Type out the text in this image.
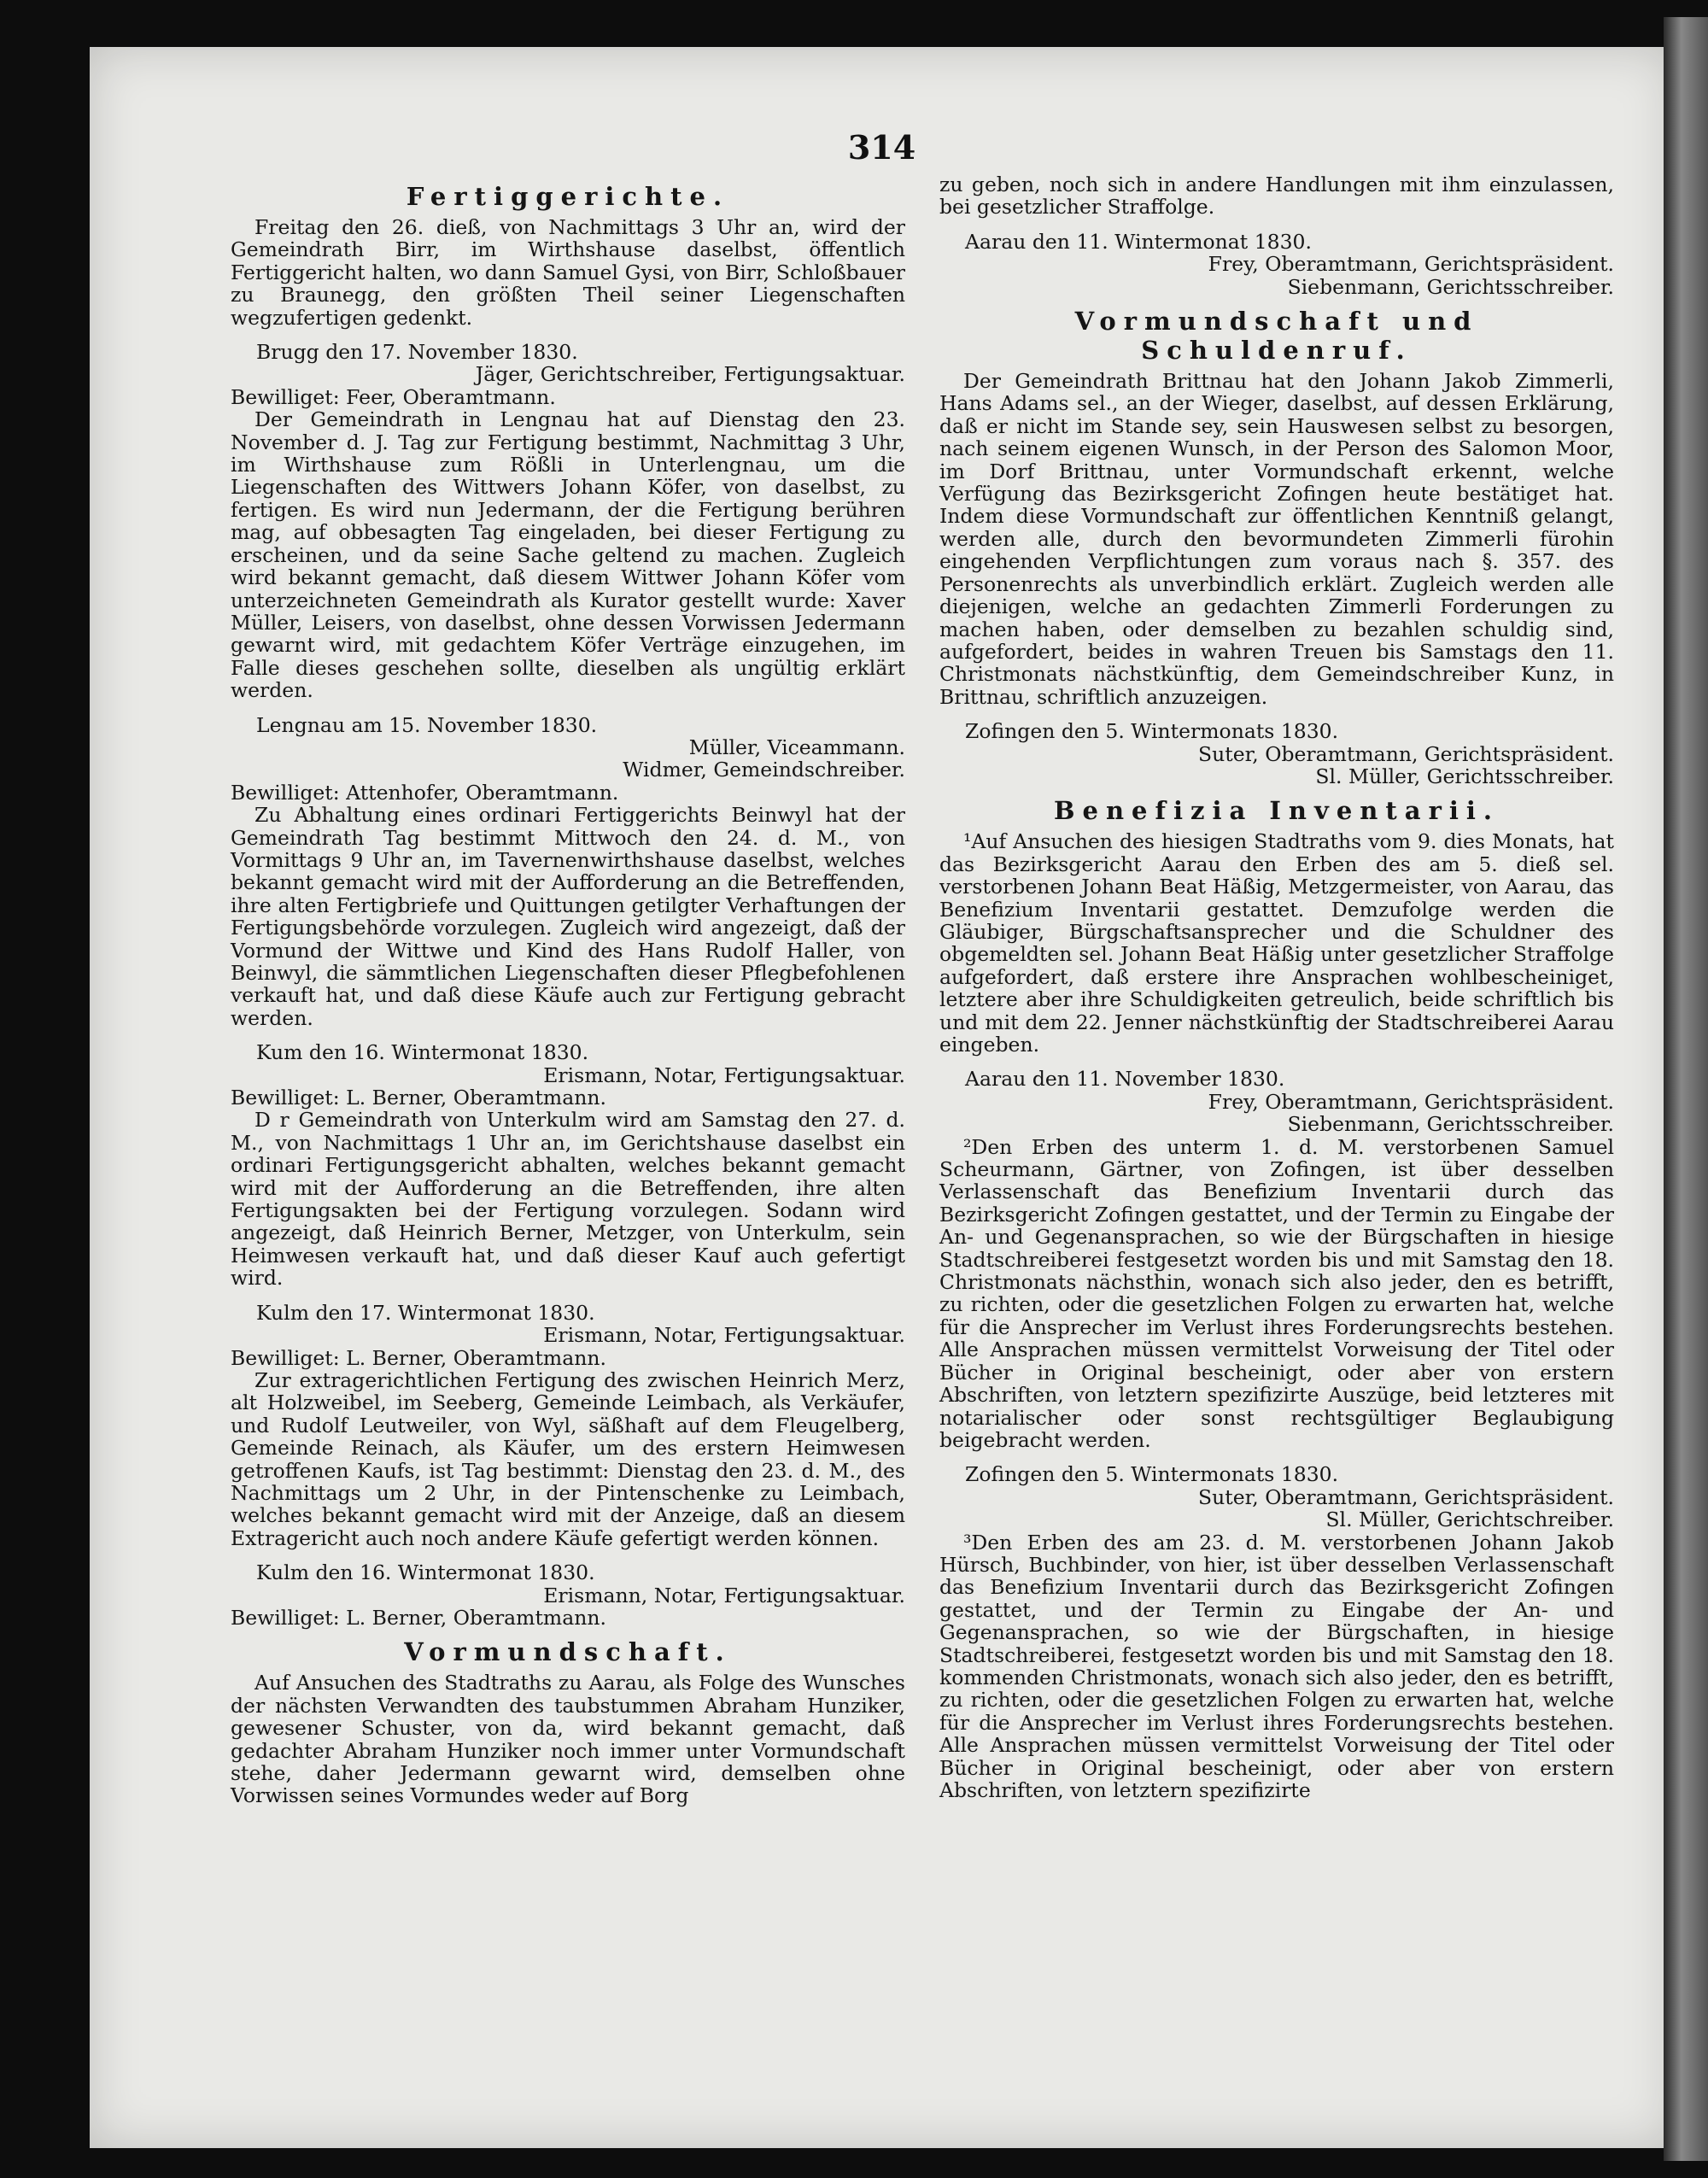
314

Fertiggerichte.

Freitag den 26. dieß, von Nachmittags 3 Uhr an, wird der Gemeindrath Birr, im Wirthshause daselbst, öffentlich Fertiggericht halten, wo dann Samuel Gysi, von Birr, Schloßbauer zu Braunegg, den größten Theil seiner Liegenschaften wegzufertigen gedenkt.

Brugg den 17. November 1830.

Jäger, Gerichtschreiber, Fertigungsaktuar.

Bewilliget: Feer, Oberamtmann.

Der Gemeindrath in Lengnau hat auf Dienstag den 23. November d. J. Tag zur Fertigung bestimmt, Nachmittag 3 Uhr, im Wirthshause zum Rößli in Unterlengnau, um die Liegenschaften des Wittwers Johann Köfer, von daselbst, zu fertigen. Es wird nun Jedermann, der die Fertigung berühren mag, auf obbesagten Tag eingeladen, bei dieser Fertigung zu erscheinen, und da seine Sache geltend zu machen. Zugleich wird bekannt gemacht, daß diesem Wittwer Johann Köfer vom unterzeichneten Gemeindrath als Kurator gestellt wurde: Xaver Müller, Leisers, von daselbst, ohne dessen Vorwissen Jedermann gewarnt wird, mit gedachtem Köfer Verträge einzugehen, im Falle dieses geschehen sollte, dieselben als ungültig erklärt werden.

Lengnau am 15. November 1830.

Müller, Viceammann.

Widmer, Gemeindschreiber.

Bewilliget: Attenhofer, Oberamtmann.

Zu Abhaltung eines ordinari Fertiggerichts Beinwyl hat der Gemeindrath Tag bestimmt Mittwoch den 24. d. M., von Vormittags 9 Uhr an, im Tavernenwirthshause daselbst, welches bekannt gemacht wird mit der Aufforderung an die Betreffenden, ihre alten Fertigbriefe und Quittungen getilgter Verhaftungen der Fertigungsbehörde vorzulegen. Zugleich wird angezeigt, daß der Vormund der Wittwe und Kind des Hans Rudolf Haller, von Beinwyl, die sämmtlichen Liegenschaften dieser Pflegbefohlenen verkauft hat, und daß diese Käufe auch zur Fertigung gebracht werden.

Kum den 16. Wintermonat 1830.

Erismann, Notar, Fertigungsaktuar.

Bewilliget: L. Berner, Oberamtmann.

D r Gemeindrath von Unterkulm wird am Samstag den 27. d. M., von Nachmittags 1 Uhr an, im Gerichtshause daselbst ein ordinari Fertigungsgericht abhalten, welches bekannt gemacht wird mit der Aufforderung an die Betreffenden, ihre alten Fertigungsakten bei der Fertigung vorzulegen. Sodann wird angezeigt, daß Heinrich Berner, Metzger, von Unterkulm, sein Heimwesen verkauft hat, und daß dieser Kauf auch gefertigt wird.

Kulm den 17. Wintermonat 1830.

Erismann, Notar, Fertigungsaktuar.

Bewilliget: L. Berner, Oberamtmann.

Zur extragerichtlichen Fertigung des zwischen Heinrich Merz, alt Holzweibel, im Seeberg, Gemeinde Leimbach, als Verkäufer, und Rudolf Leutweiler, von Wyl, säßhaft auf dem Fleugelberg, Gemeinde Reinach, als Käufer, um des erstern Heimwesen getroffenen Kaufs, ist Tag bestimmt: Dienstag den 23. d. M., des Nachmittags um 2 Uhr, in der Pintenschenke zu Leimbach, welches bekannt gemacht wird mit der Anzeige, daß an diesem Extragericht auch noch andere Käufe gefertigt werden können.

Kulm den 16. Wintermonat 1830.

Erismann, Notar, Fertigungsaktuar.

Bewilliget: L. Berner, Oberamtmann.

Vormundschaft.

Auf Ansuchen des Stadtraths zu Aarau, als Folge des Wunsches der nächsten Verwandten des taubstummen Abraham Hunziker, gewesener Schuster, von da, wird bekannt gemacht, daß gedachter Abraham Hunziker noch immer unter Vormundschaft stehe, daher Jedermann gewarnt wird, demselben ohne Vorwissen seines Vormundes weder auf Borg

zu geben, noch sich in andere Handlungen mit ihm einzulassen, bei gesetzlicher Straffolge.

Aarau den 11. Wintermonat 1830.

Frey, Oberamtmann, Gerichtspräsident.

Siebenmann, Gerichtsschreiber.

Vormundschaft und Schuldenruf.

Der Gemeindrath Brittnau hat den Johann Jakob Zimmerli, Hans Adams sel., an der Wieger, daselbst, auf dessen Erklärung, daß er nicht im Stande sey, sein Hauswesen selbst zu besorgen, nach seinem eigenen Wunsch, in der Person des Salomon Moor, im Dorf Brittnau, unter Vormundschaft erkennt, welche Verfügung das Bezirksgericht Zofingen heute bestätiget hat. Indem diese Vormundschaft zur öffentlichen Kenntniß gelangt, werden alle, durch den bevormundeten Zimmerli fürohin eingehenden Verpflichtungen zum voraus nach §. 357. des Personenrechts als unverbindlich erklärt. Zugleich werden alle diejenigen, welche an gedachten Zimmerli Forderungen zu machen haben, oder demselben zu bezahlen schuldig sind, aufgefordert, beides in wahren Treuen bis Samstags den 11. Christmonats nächstkünftig, dem Gemeindschreiber Kunz, in Brittnau, schriftlich anzuzeigen.

Zofingen den 5. Wintermonats 1830.

Suter, Oberamtmann, Gerichtspräsident.

Sl. Müller, Gerichtsschreiber.

Benefizia Inventarii.

¹Auf Ansuchen des hiesigen Stadtraths vom 9. dies Monats, hat das Bezirksgericht Aarau den Erben des am 5. dieß sel. verstorbenen Johann Beat Häßig, Metzgermeister, von Aarau, das Benefizium Inventarii gestattet. Demzufolge werden die Gläubiger, Bürgschaftsansprecher und die Schuldner des obgemeldten sel. Johann Beat Häßig unter gesetzlicher Straffolge aufgefordert, daß erstere ihre Ansprachen wohlbescheiniget, letztere aber ihre Schuldigkeiten getreulich, beide schriftlich bis und mit dem 22. Jenner nächstkünftig der Stadtschreiberei Aarau eingeben.

Aarau den 11. November 1830.

Frey, Oberamtmann, Gerichtspräsident.

Siebenmann, Gerichtsschreiber.

²Den Erben des unterm 1. d. M. verstorbenen Samuel Scheurmann, Gärtner, von Zofingen, ist über desselben Verlassenschaft das Benefizium Inventarii durch das Bezirksgericht Zofingen gestattet, und der Termin zu Eingabe der An- und Gegenansprachen, so wie der Bürgschaften in hiesige Stadtschreiberei festgesetzt worden bis und mit Samstag den 18. Christmonats nächsthin, wonach sich also jeder, den es betrifft, zu richten, oder die gesetzlichen Folgen zu erwarten hat, welche für die Ansprecher im Verlust ihres Forderungsrechts bestehen. Alle Ansprachen müssen vermittelst Vorweisung der Titel oder Bücher in Original bescheinigt, oder aber von erstern Abschriften, von letztern spezifizirte Auszüge, beid letzteres mit notarialischer oder sonst rechtsgültiger Beglaubigung beigebracht werden.

Zofingen den 5. Wintermonats 1830.

Suter, Oberamtmann, Gerichtspräsident.

Sl. Müller, Gerichtschreiber.

³Den Erben des am 23. d. M. verstorbenen Johann Jakob Hürsch, Buchbinder, von hier, ist über desselben Verlassenschaft das Benefizium Inventarii durch das Bezirksgericht Zofingen gestattet, und der Termin zu Eingabe der An- und Gegenansprachen, so wie der Bürgschaften, in hiesige Stadtschreiberei, festgesetzt worden bis und mit Samstag den 18. kommenden Christmonats, wonach sich also jeder, den es betrifft, zu richten, oder die gesetzlichen Folgen zu erwarten hat, welche für die Ansprecher im Verlust ihres Forderungsrechts bestehen. Alle Ansprachen müssen vermittelst Vorweisung der Titel oder Bücher in Original bescheinigt, oder aber von erstern Abschriften, von letztern spezifizirte
